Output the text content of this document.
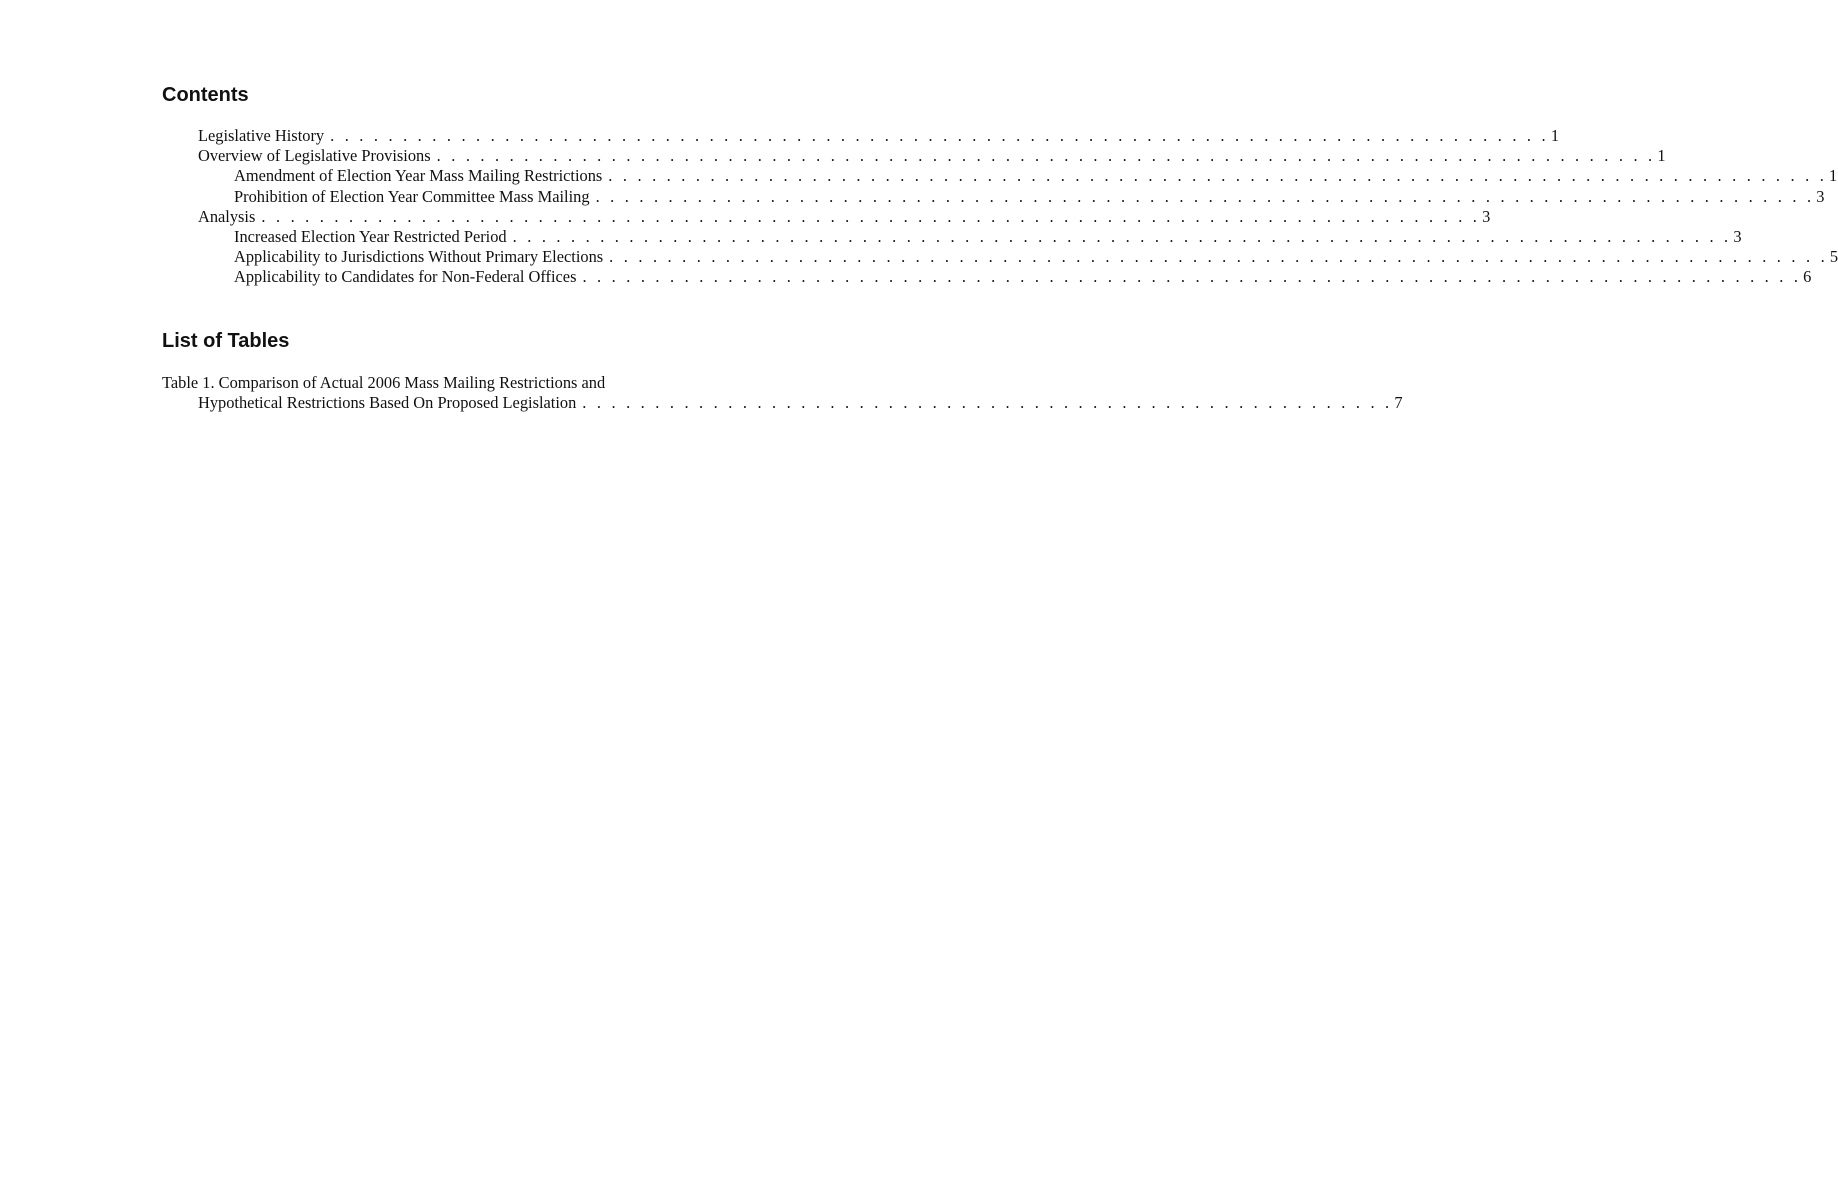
Contents
Legislative History . . .	1
Overview of Legislative Provisions . . .	1
Amendment of Election Year Mass Mailing Restrictions . . .	1
Prohibition of Election Year Committee Mass Mailing . . .	3
Analysis . . .	3
Increased Election Year Restricted Period . . .	3
Applicability to Jurisdictions Without Primary Elections . . .	5
Applicability to Candidates for Non-Federal Offices . . .	6
List of Tables
Table 1. Comparison of Actual 2006 Mass Mailing Restrictions and
Hypothetical Restrictions Based On Proposed Legislation . . . . . . . . . . . . . . . . . . . . . . . . . . . . . . . . . . . . . . . . . . . . . . . . . . . . . . . . 7
